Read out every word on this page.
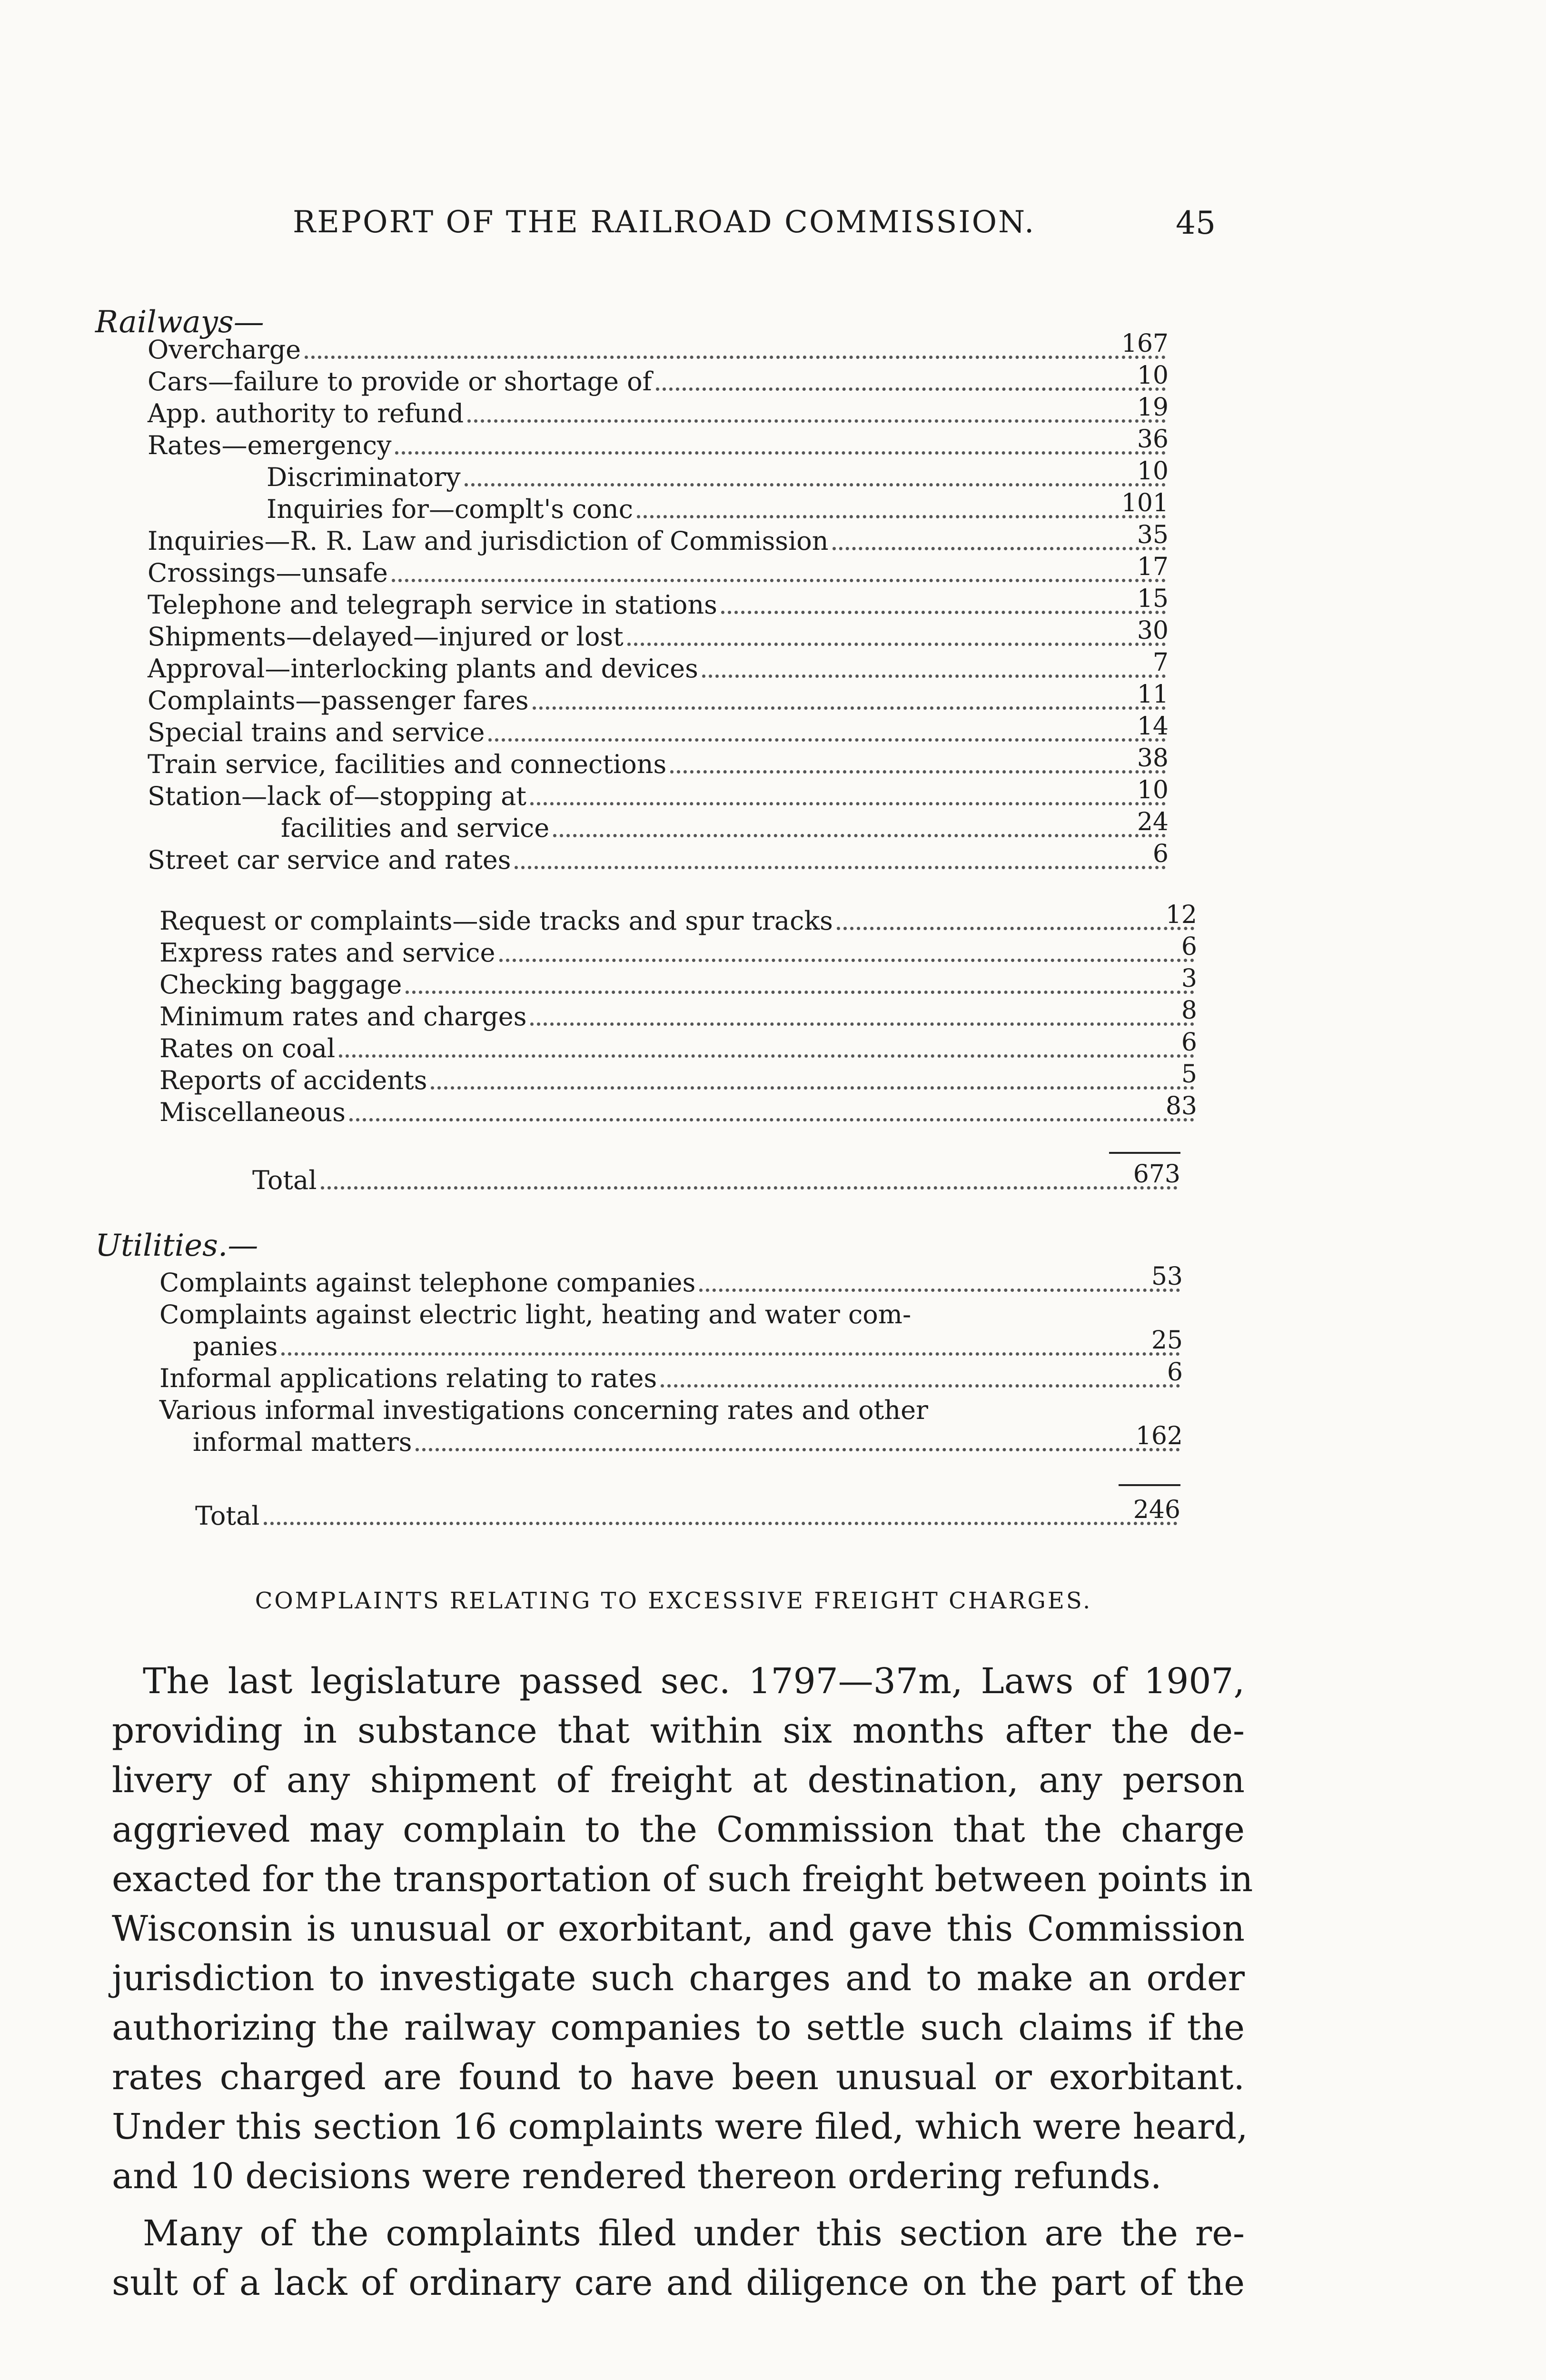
REPORT OF THE RAILROAD COMMISSION.	45
Railways—
Overcharge	167
Cars—failure to provide or shortage of	10
App. authority to refund	19
Rates—emergency	36
Discriminatory	10
Inquiries for—complt's conc	101
Inquiries—R. R. Law and jurisdiction of Commission	35
Crossings—unsafe	17
Telephone and telegraph service in stations	15
Shipments—delayed—injured or lost	30
Approval—interlocking plants and devices	7
Complaints—passenger fares	11
Special trains and service	14
Train service, facilities and connections	38
Station—lack of—stopping at	10
facilities and service	24
Street car service and rates	6
Request or complaints—side tracks and spur tracks	12
Express rates and service	6
Checking baggage	3
Minimum rates and charges	8
Rates on coal	6
Reports of accidents	5
Miscellaneous	83
Total	673
Utilities.—
Complaints against telephone companies	53
Complaints against electric light, heating and water com-
panies	25
Informal applications relating to rates	6
Various informal investigations concerning rates and other
informal matters	162
Total	246
COMPLAINTS RELATING TO EXCESSIVE FREIGHT CHARGES.
The last legislature passed sec. 1797—37m, Laws of 1907,
providing in substance that within six months after the de-
livery of any shipment of freight at destination, any person
aggrieved may complain to the Commission that the charge
exacted for the transportation of such freight between points in
Wisconsin is unusual or exorbitant, and gave this Commission
jurisdiction to investigate such charges and to make an order
authorizing the railway companies to settle such claims if the
rates charged are found to have been unusual or exorbitant.
Under this section 16 complaints were filed, which were heard,
and 10 decisions were rendered thereon ordering refunds.
Many of the complaints filed under this section are the re-
sult of a lack of ordinary care and diligence on the part of the
